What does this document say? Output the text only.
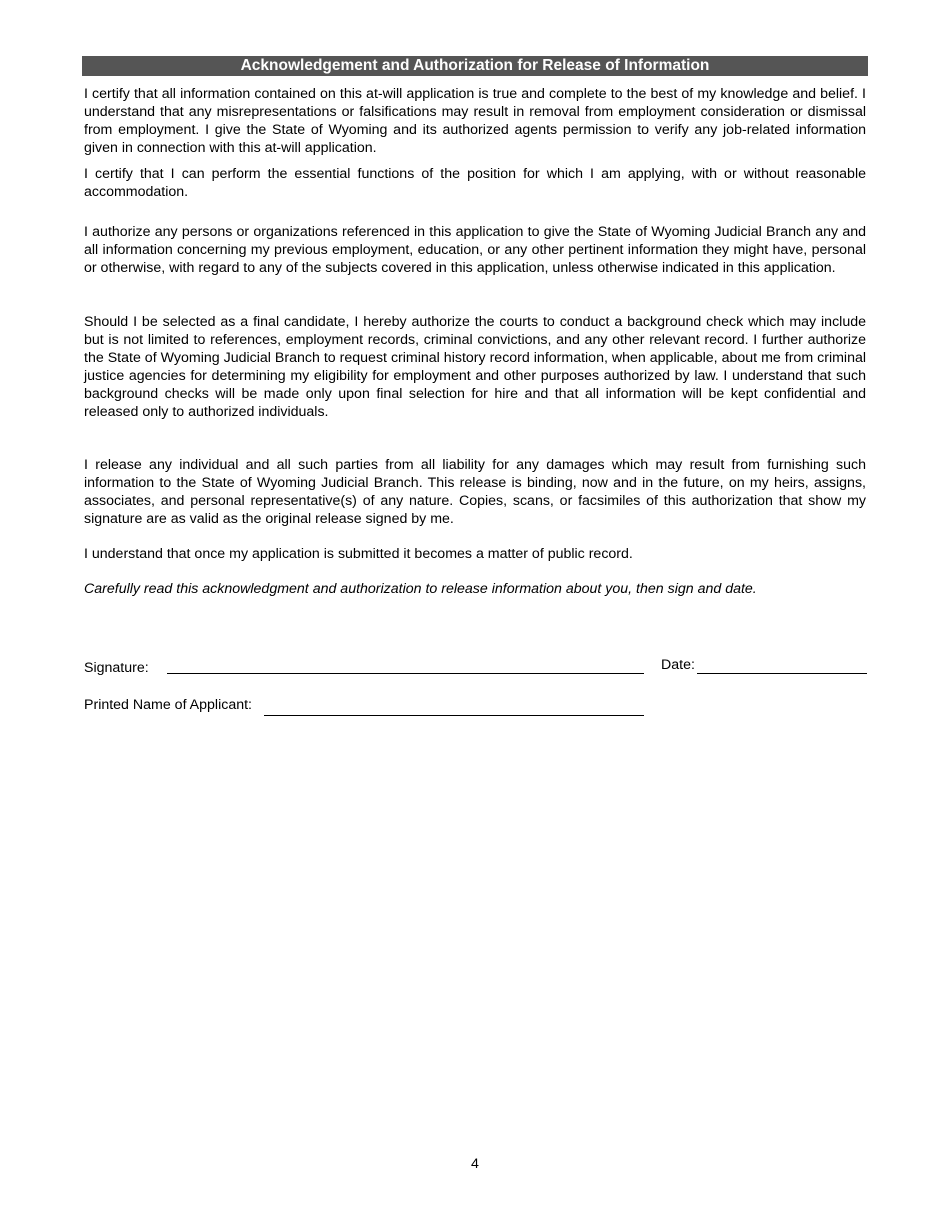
Acknowledgement and Authorization for Release of Information

I certify that all information contained on this at-will application is true and complete to the best of my knowledge and belief. I understand that any misrepresentations or falsifications may result in removal from employment consideration or dismissal from employment. I give the State of Wyoming and its authorized agents permission to verify any job-related information given in connection with this at-will application.

I certify that I can perform the essential functions of the position for which I am applying, with or without reasonable accommodation.

I authorize any persons or organizations referenced in this application to give the State of Wyoming Judicial Branch any and all information concerning my previous employment, education, or any other pertinent information they might have, personal or otherwise, with regard to any of the subjects covered in this application, unless otherwise indicated in this application.

Should I be selected as a final candidate, I hereby authorize the courts to conduct a background check which may include but is not limited to references, employment records, criminal convictions, and any other relevant record. I further authorize the State of Wyoming Judicial Branch to request criminal history record information, when applicable, about me from criminal justice agencies for determining my eligibility for employment and other purposes authorized by law. I understand that such background checks will be made only upon final selection for hire and that all information will be kept confidential and released only to authorized individuals.

I release any individual and all such parties from all liability for any damages which may result from furnishing such information to the State of Wyoming Judicial Branch. This release is binding, now and in the future, on my heirs, assigns, associates, and personal representative(s) of any nature. Copies, scans, or facsimiles of this authorization that show my signature are as valid as the original release signed by me.

I understand that once my application is submitted it becomes a matter of public record.

Carefully read this acknowledgment and authorization to release information about you, then sign and date.

Signature:	Date:
Printed Name of Applicant:
4
